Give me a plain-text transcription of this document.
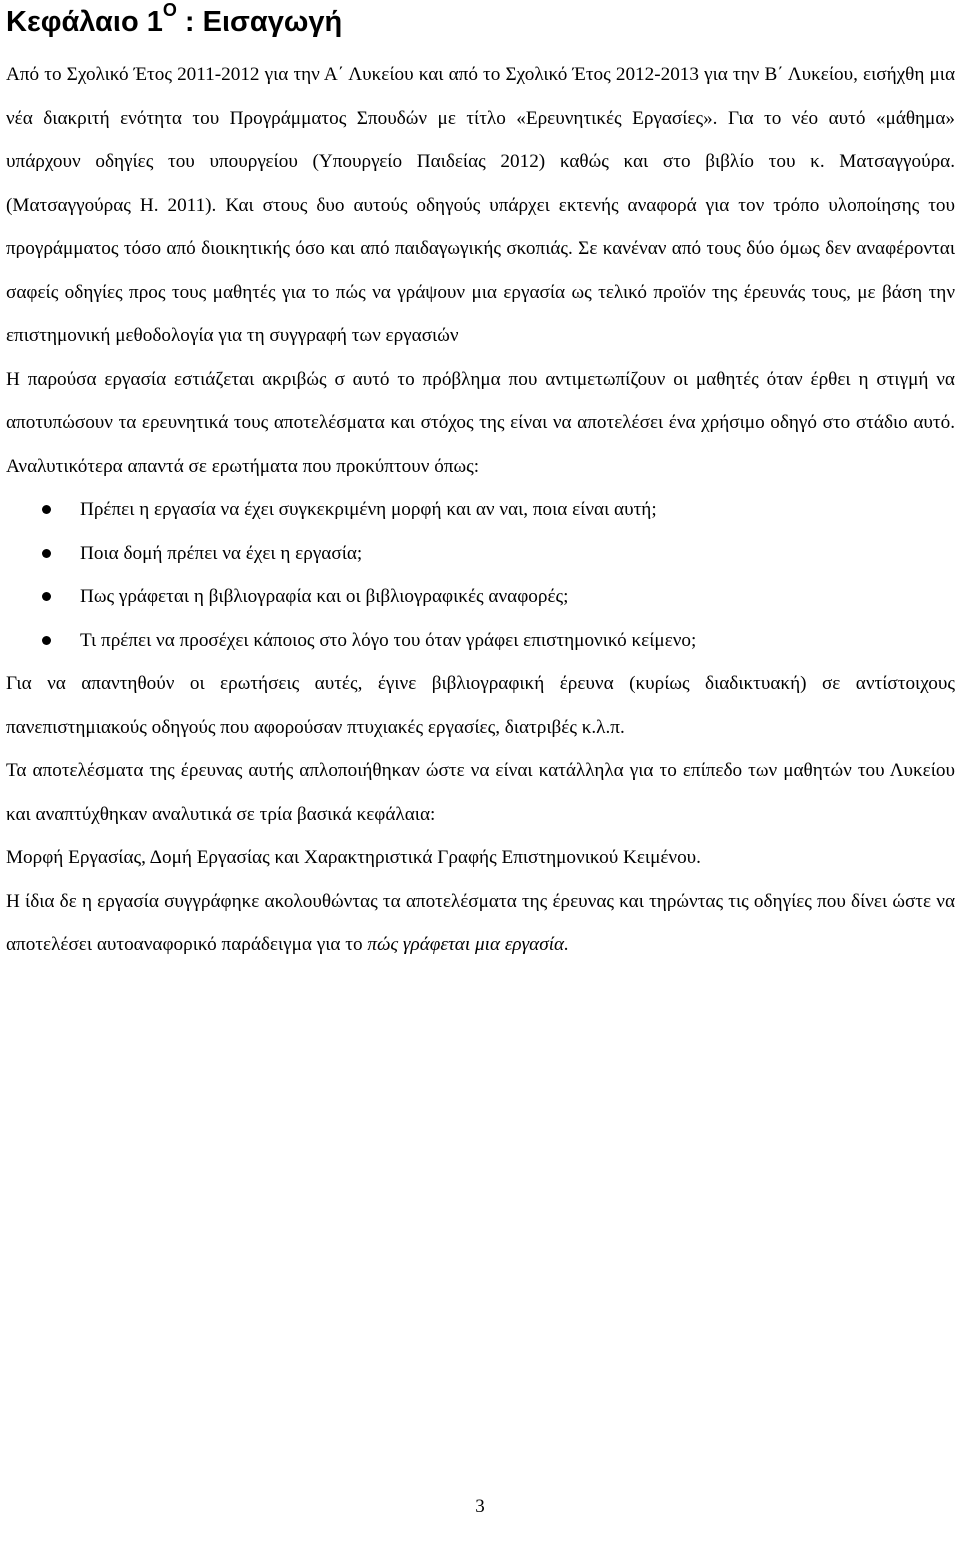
Κεφάλαιο $1^O$ : Εισαγωγή

Από το Σχολικό Έτος 2011-2012 για την Α΄ Λυκείου και από το Σχολικό Έτος 2012-2013 για την Β΄ Λυκείου, εισήχθη μια νέα διακριτή ενότητα του Προγράμματος Σπουδών με τίτλο «Ερευνητικές Εργασίες». Για το νέο αυτό «μάθημα» υπάρχουν οδηγίες του υπουργείου (Υπουργείο Παιδείας 2012) καθώς και στο βιβλίο του κ. Ματσαγγούρα. (Ματσαγγούρας Η. 2011). Και στους δυο αυτούς οδηγούς υπάρχει εκτενής αναφορά για τον τρόπο υλοποίησης του προγράμματος τόσο από διοικητικής όσο και από παιδαγωγικής σκοπιάς. Σε κανέναν από τους δύο όμως δεν αναφέρονται σαφείς οδηγίες προς τους μαθητές για το πώς να γράψουν μια εργασία ως τελικό προϊόν της έρευνάς τους, με βάση την επιστημονική μεθοδολογία για τη συγγραφή των εργασιών

Η παρούσα εργασία εστιάζεται ακριβώς σ αυτό το πρόβλημα που αντιμετωπίζουν οι μαθητές όταν έρθει η στιγμή να αποτυπώσουν τα ερευνητικά τους αποτελέσματα και στόχος της είναι να αποτελέσει ένα χρήσιμο οδηγό στο στάδιο αυτό. Αναλυτικότερα απαντά σε ερωτήματα που προκύπτουν όπως:

Πρέπει η εργασία να έχει συγκεκριμένη μορφή και αν ναι, ποια είναι αυτή;
Ποια δομή πρέπει να έχει η εργασία;
Πως γράφεται η βιβλιογραφία και οι βιβλιογραφικές αναφορές;
Τι πρέπει να προσέχει κάποιος στο λόγο του όταν γράφει επιστημονικό κείμενο;

Για να απαντηθούν οι ερωτήσεις αυτές, έγινε βιβλιογραφική έρευνα (κυρίως διαδικτυακή) σε αντίστοιχους πανεπιστημιακούς οδηγούς που αφορούσαν πτυχιακές εργασίες, διατριβές κ.λ.π.

Τα αποτελέσματα της έρευνας αυτής απλοποιήθηκαν ώστε να είναι κατάλληλα για το επίπεδο των μαθητών του Λυκείου και αναπτύχθηκαν αναλυτικά σε τρία βασικά κεφάλαια:

Μορφή Εργασίας, Δομή Εργασίας και Χαρακτηριστικά Γραφής Επιστημονικού Κειμένου.

Η ίδια δε η εργασία συγγράφηκε ακολουθώντας τα αποτελέσματα της έρευνας και τηρώντας τις οδηγίες που δίνει ώστε να αποτελέσει αυτοαναφορικό παράδειγμα για το πώς γράφεται μια εργασία.

3
